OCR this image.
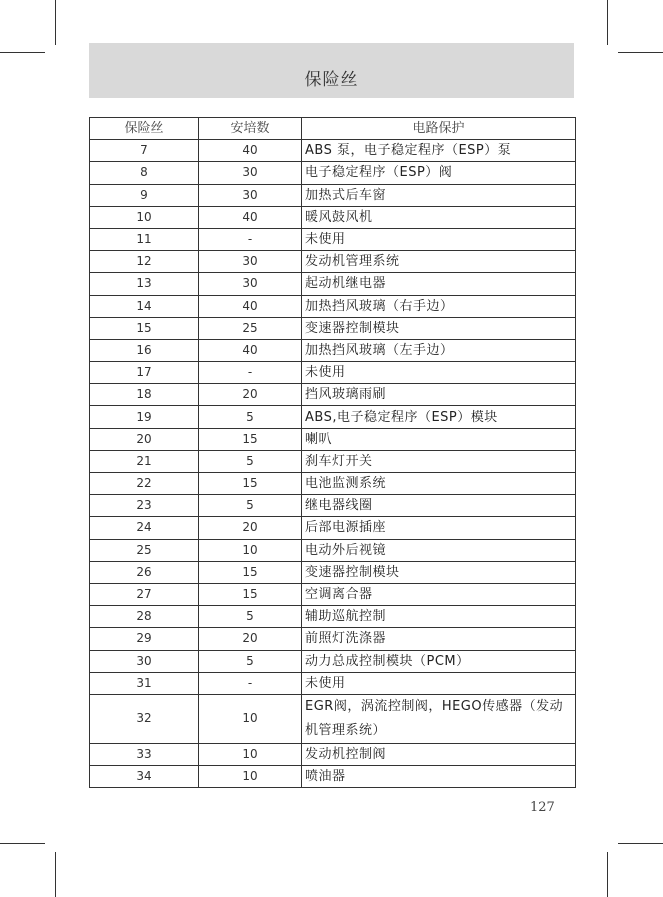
保险丝
保险丝	安培数	电路保护
7	40	ABS 泵，电子稳定程序（ESP）泵
8	30	电子稳定程序（ESP）阀
9	30	加热式后车窗
10	40	暖风鼓风机
11	-	未使用
12	30	发动机管理系统
13	30	起动机继电器
14	40	加热挡风玻璃（右手边）
15	25	变速器控制模块
16	40	加热挡风玻璃（左手边）
17	-	未使用
18	20	挡风玻璃雨刷
19	5	ABS,电子稳定程序（ESP）模块
20	15	喇叭
21	5	刹车灯开关
22	15	电池监测系统
23	5	继电器线圈
24	20	后部电源插座
25	10	电动外后视镜
26	15	变速器控制模块
27	15	空调离合器
28	5	辅助巡航控制
29	20	前照灯洗涤器
30	5	动力总成控制模块（PCM）
31	-	未使用
32	10	EGR阀，涡流控制阀，HEGO传感器（发动机管理系统）
33	10	发动机控制阀
34	10	喷油器
127
